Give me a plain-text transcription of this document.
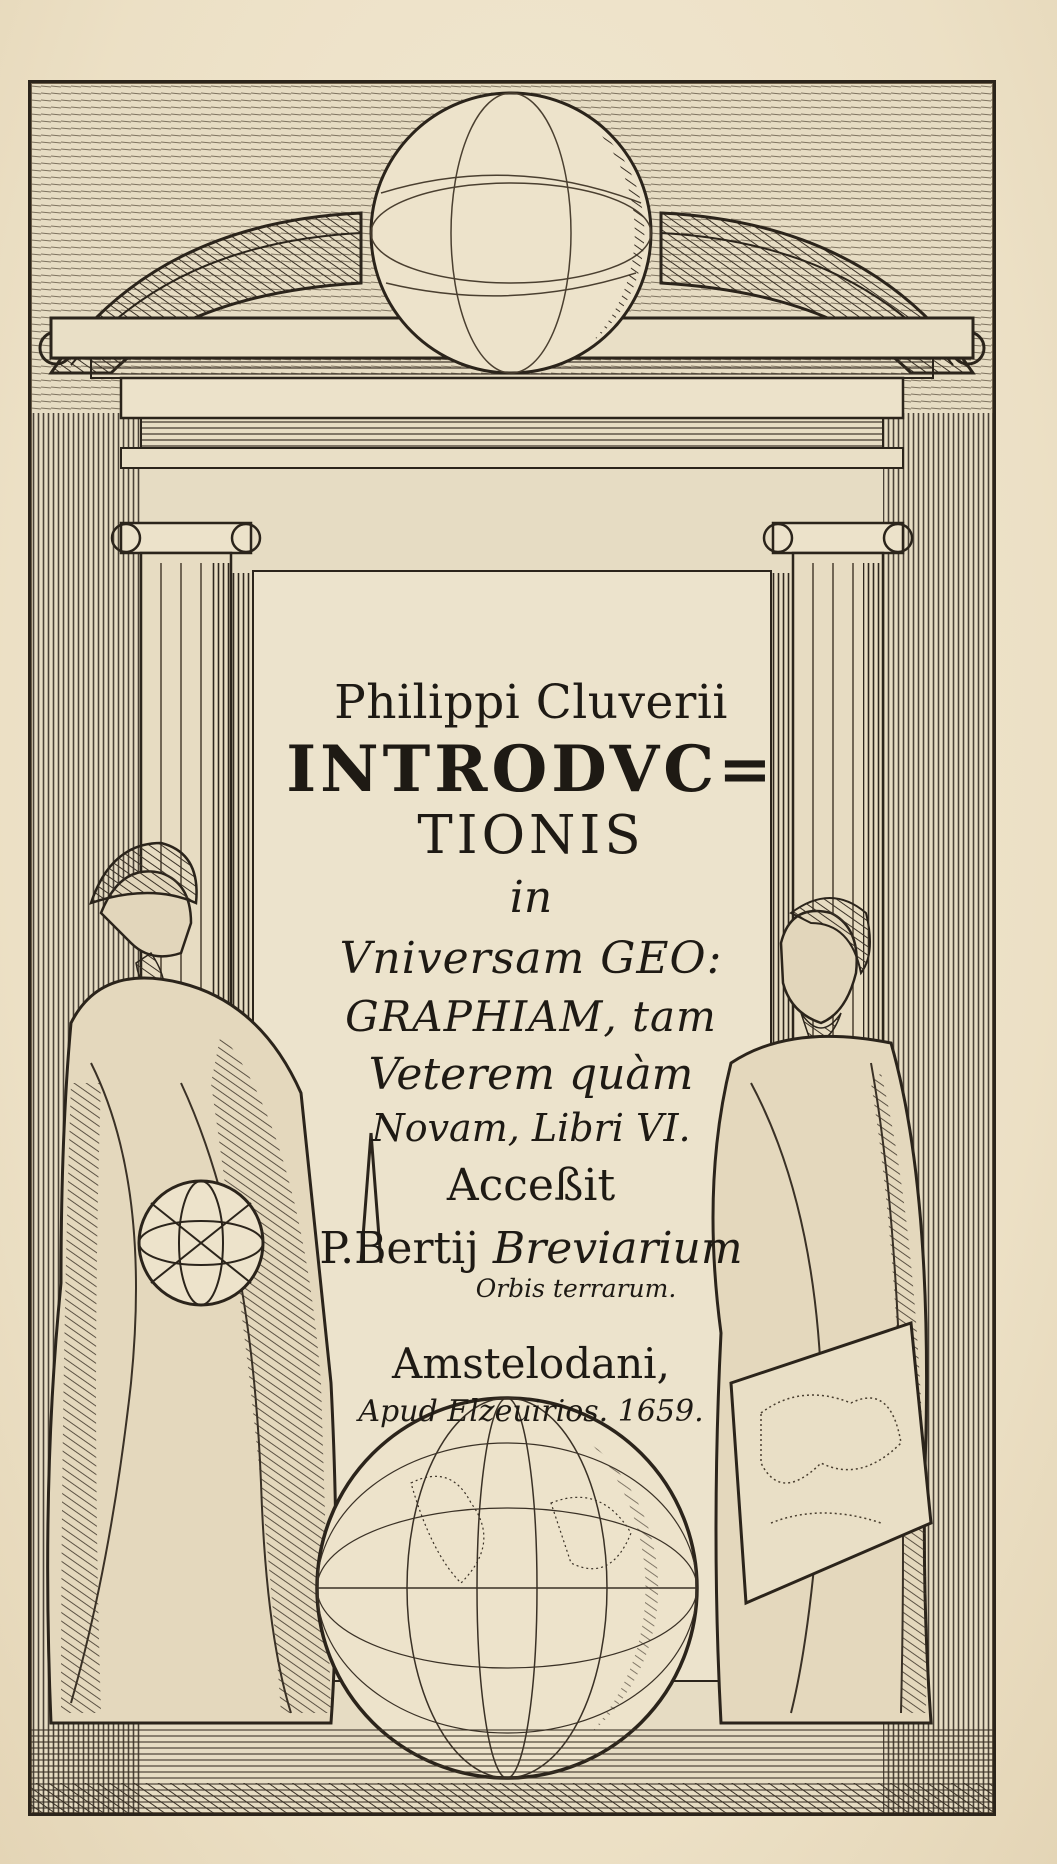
Philippi Cluverii
INTRODVC=
TIONIS
in
Vniversam GEO:
GRAPHIAM, tam
Veterem quàm
Novam, Libri VI.
Acceßit
P.Bertij Breviarium
Orbis terrarum.
Amstelodani,
Apud Elzeuirios. 1659.
